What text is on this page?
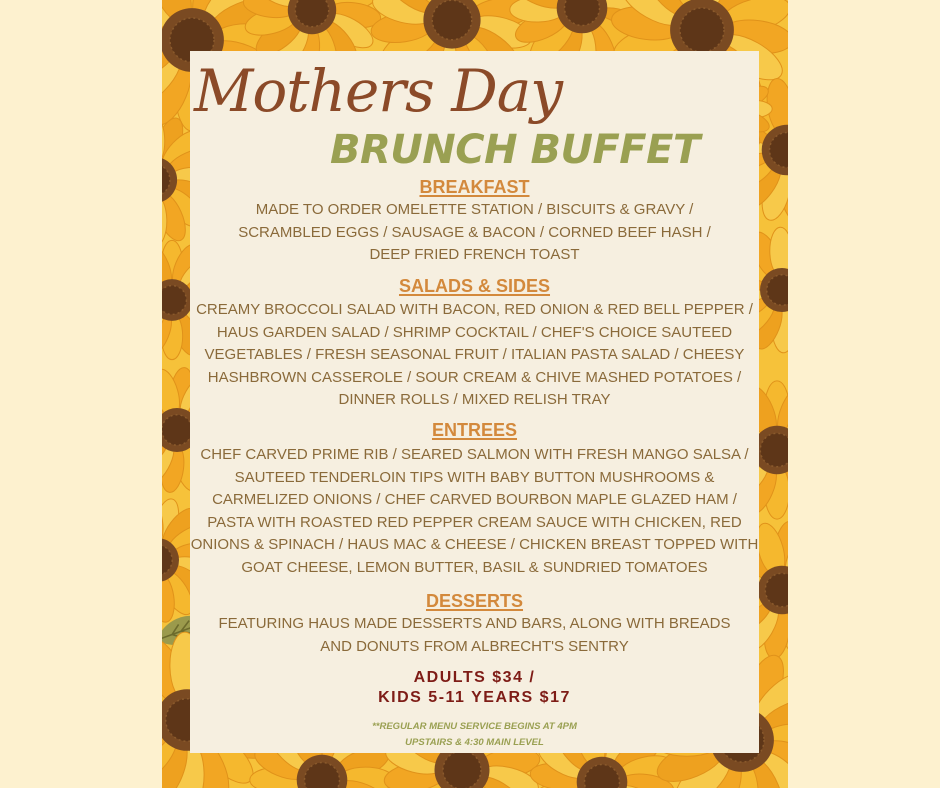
Mothers Day
BRUNCH BUFFET
BREAKFAST

MADE TO ORDER OMELETTE STATION / BISCUITS & GRAVY /
SCRAMBLED EGGS / SAUSAGE & BACON / CORNED BEEF HASH /
DEEP FRIED FRENCH TOAST

SALADS & SIDES

CREAMY BROCCOLI SALAD WITH BACON, RED ONION & RED BELL PEPPER /
HAUS GARDEN SALAD / SHRIMP COCKTAIL / CHEF'S CHOICE SAUTEED
VEGETABLES / FRESH SEASONAL FRUIT / ITALIAN PASTA SALAD / CHEESY
HASHBROWN CASSEROLE / SOUR CREAM & CHIVE MASHED POTATOES /
DINNER ROLLS / MIXED RELISH TRAY

ENTREES

CHEF CARVED PRIME RIB / SEARED SALMON WITH FRESH MANGO SALSA /
SAUTEED TENDERLOIN TIPS WITH BABY BUTTON MUSHROOMS &
CARMELIZED ONIONS / CHEF CARVED BOURBON MAPLE GLAZED HAM /
PASTA WITH ROASTED RED PEPPER CREAM SAUCE WITH CHICKEN, RED
ONIONS & SPINACH / HAUS MAC & CHEESE / CHICKEN BREAST TOPPED WITH
GOAT CHEESE, LEMON BUTTER, BASIL & SUNDRIED TOMATOES

DESSERTS

FEATURING HAUS MADE DESSERTS AND BARS, ALONG WITH BREADS
AND DONUTS FROM ALBRECHT'S SENTRY

ADULTS $34 /
KIDS 5-11 YEARS $17
**REGULAR MENU SERVICE BEGINS AT 4PM
UPSTAIRS & 4:30 MAIN LEVEL
